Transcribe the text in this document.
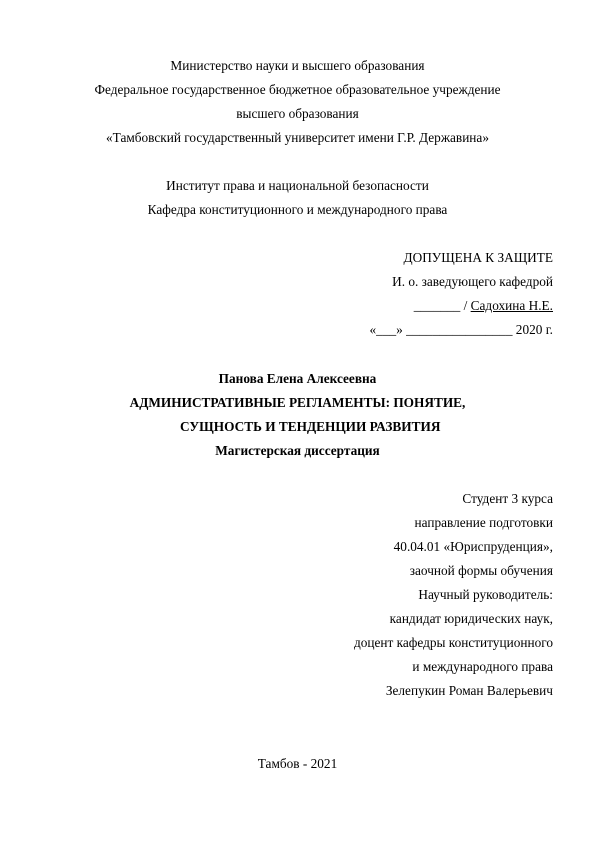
Министерство науки и высшего образования
Федеральное государственное бюджетное образовательное учреждение
высшего образования
«Тамбовский государственный университет имени Г.Р. Державина»
Институт права и национальной безопасности
Кафедра конституционного и международного права
ДОПУЩЕНА К ЗАЩИТЕ
И. о. заведующего кафедрой
_______ / Садохина Н.Е.
«___» ________________ 2020 г.
Панова Елена Алексеевна
АДМИНИСТРАТИВНЫЕ РЕГЛАМЕНТЫ: ПОНЯТИЕ,
СУЩНОСТЬ И ТЕНДЕНЦИИ РАЗВИТИЯ
Магистерская диссертация
Студент 3 курса
направление подготовки
40.04.01 «Юриспруденция»,
заочной формы обучения
Научный руководитель:
кандидат юридических наук,
доцент кафедры конституционного
и международного права
Зелепукин Роман Валерьевич
Тамбов - 2021
